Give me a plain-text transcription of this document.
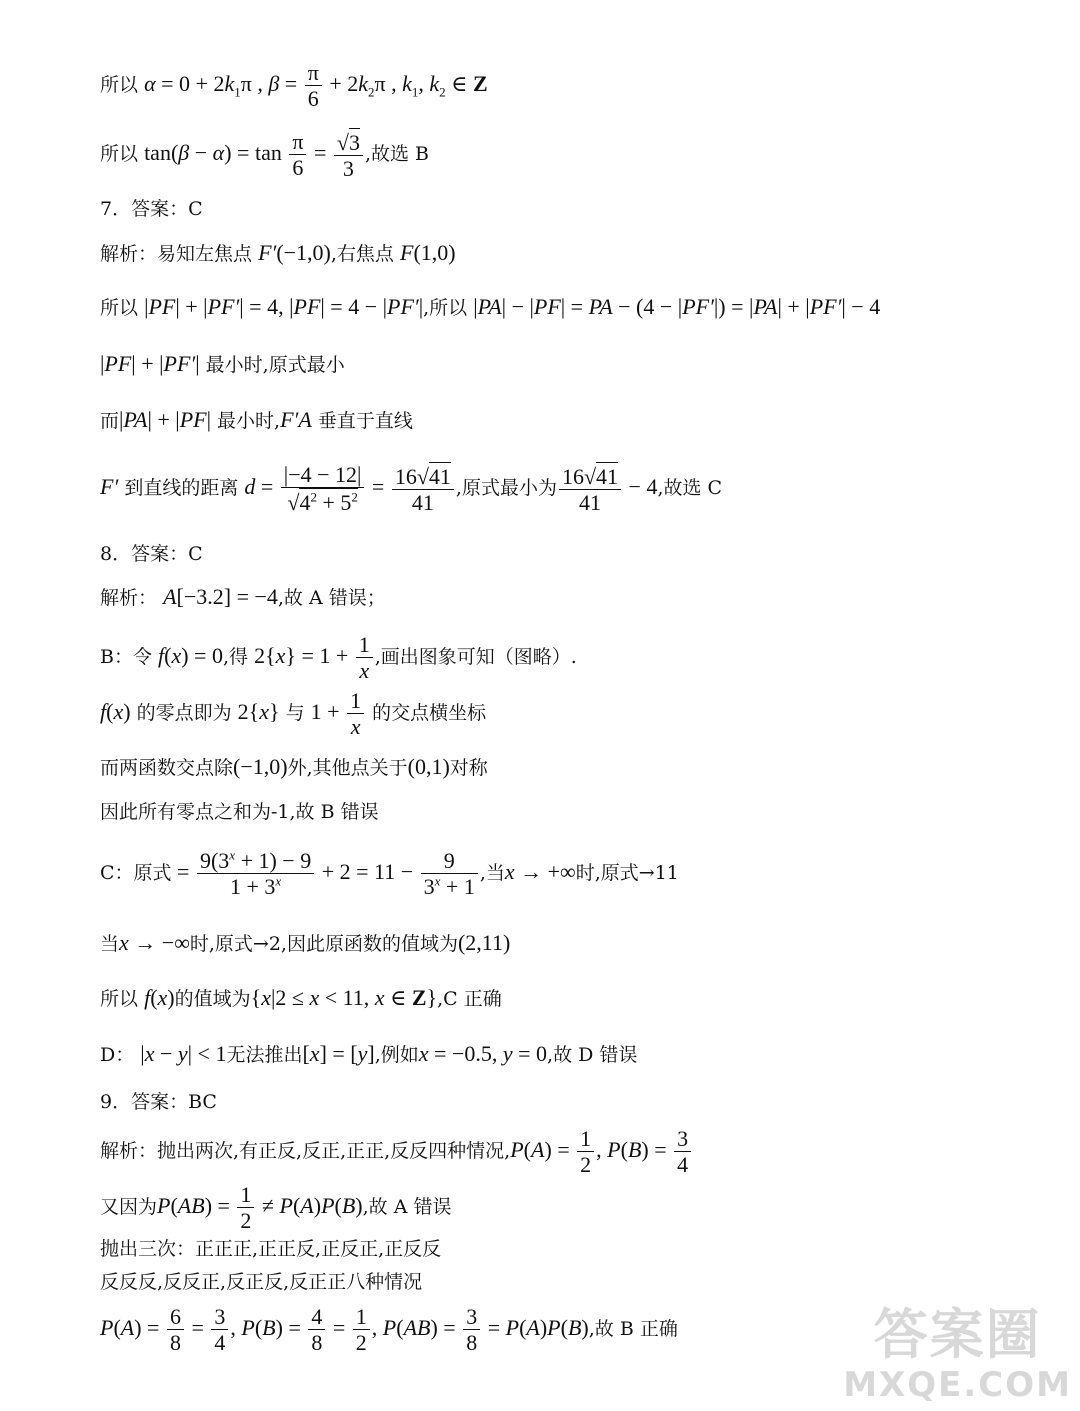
所以 $\alpha = 0 + 2k_1\pi$ , $\beta = \frac{\pi}{6} + 2k_2\pi$ , $k_1$, $k_2$ ∈ Z
所以 $\tan(\beta - \alpha) = \tan \frac{\pi}{6} = \frac{√3}{3}$ ,故选 B
7．答案：C
解析：易知左焦点 F′(−1,0),右焦点 F(1,0)
所以 |PF| + |PF′| = 4, |PF| = 4 − |PF′|,所以 |PA| − |PF| = PA − (4 − |PF′|) = |PA| + |PF′| − 4
|PF| + |PF′| 最小时,原式最小
而|PA| + |PF| 最小时,F′A 垂直于直线
F′ 到直线的距离 $d = \frac{|-4 - 12|}{√4^2 + 5^2} = \frac{16√41}{41}$ ,原式最小为 $\frac{16√41}{41} - 4$,故选 C
8．答案：C
解析： A[−3.2] = −4,故 A 错误；
B：令 f(x) = 0,得 $2\{x\} = 1 + \frac{1}{x}$ ,画出图象可知（图略）.
f(x) 的零点即为 2{x} 与 $1 + \frac{1}{x}$ 的交点横坐标
而两函数交点除(−1,0)外,其他点关于(0,1)对称
因此所有零点之和为-1,故 B 错误
C：原式 = $\frac{9(3^x + 1) - 9}{1 + 3^x} + 2 = 11 - \frac{9}{3^x + 1}$ ,当x → +∞时,原式→11
当x → −∞时,原式→2,因此原函数的值域为(2,11)
所以 f(x)的值域为{x|2 ≤ x < 11, x ∈ Z},C 正确
D： |x − y| < 1无法推出[x] = [y],例如x = −0.5, y = 0,故 D 错误
9．答案：BC
解析：抛出两次,有正反,反正,正正,反反四种情况$,P(A) = \frac{1}{2}$ , $P(B) = \frac{3}{4}$
又因为$P(AB) = \frac{1}{2} \ne P(A)P(B)$,故 A 错误
抛出三次：正正正,正正反,正反正,正反反
反反反,反反正,反正反,反正正八种情况
$P(A) = \frac{6}{8} = \frac{3}{4}$ , $P(B) = \frac{4}{8} = \frac{1}{2}$ , $P(AB) = \frac{3}{8} = P(A)P(B)$,故 B 正确	答案圈
MXQE.COM
